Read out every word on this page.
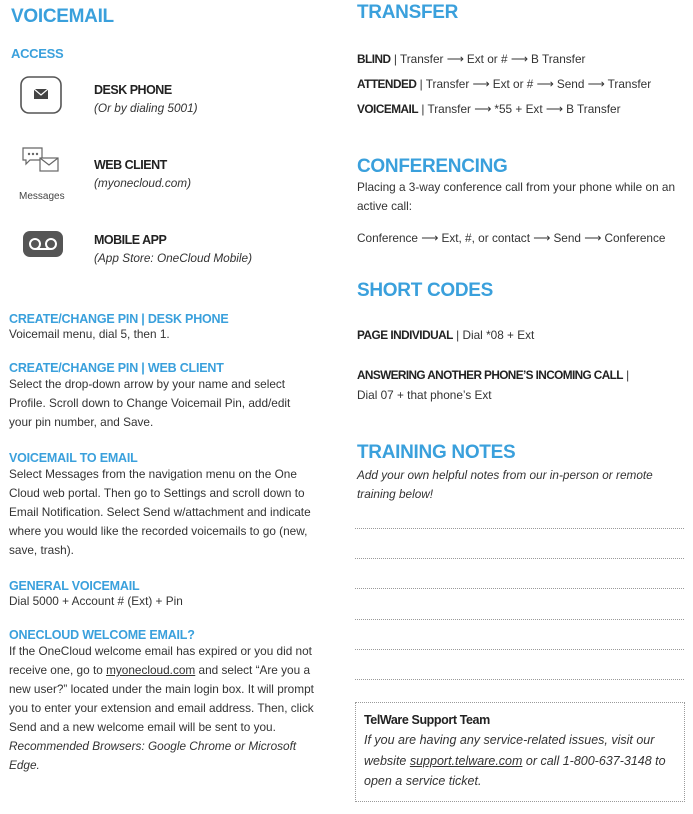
VOICEMAIL
ACCESS
DESK PHONE
(Or by dialing 5001)
Messages
WEB CLIENT
(myonecloud.com)
MOBILE APP
(App Store: OneCloud Mobile)
CREATE/CHANGE PIN | DESK PHONE
Voicemail menu, dial 5, then 1.
CREATE/CHANGE PIN | WEB CLIENT
Select the drop-down arrow by your name and select Profile. Scroll down to Change Voicemail Pin, add/edit your pin number, and Save.
VOICEMAIL TO EMAIL
Select Messages from the navigation menu on the One Cloud web portal. Then go to Settings and scroll down to Email Notification. Select Send w/attachment and indicate where you would like the recorded voicemails to go (new, save, trash).
GENERAL VOICEMAIL
Dial 5000 + Account # (Ext) + Pin
ONECLOUD WELCOME EMAIL?
If the OneCloud welcome email has expired or you did not receive one, go to myonecloud.com and select “Are you a new user?” located under the main login box. It will prompt you to enter your extension and email address. Then, click Send and a new welcome email will be sent to you. Recommended Browsers: Google Chrome or Microsoft Edge.
TRANSFER
BLIND | Transfer ⟶ Ext or # ⟶ B Transfer
ATTENDED | Transfer ⟶ Ext or # ⟶ Send ⟶ Transfer
VOICEMAIL | Transfer ⟶ *55 + Ext ⟶ B Transfer
CONFERENCING
Placing a 3-way conference call from your phone while on an active call:
Conference ⟶ Ext, #, or contact ⟶ Send ⟶ Conference
SHORT CODES
PAGE INDIVIDUAL | Dial *08 + Ext
ANSWERING ANOTHER PHONE’S INCOMING CALL |
Dial 07 + that phone’s Ext
TRAINING NOTES
Add your own helpful notes from our in-person or remote training below!
TelWare Support Team
If you are having any service-related issues, visit our website support.telware.com or call 1-800-637-3148 to open a service ticket.
